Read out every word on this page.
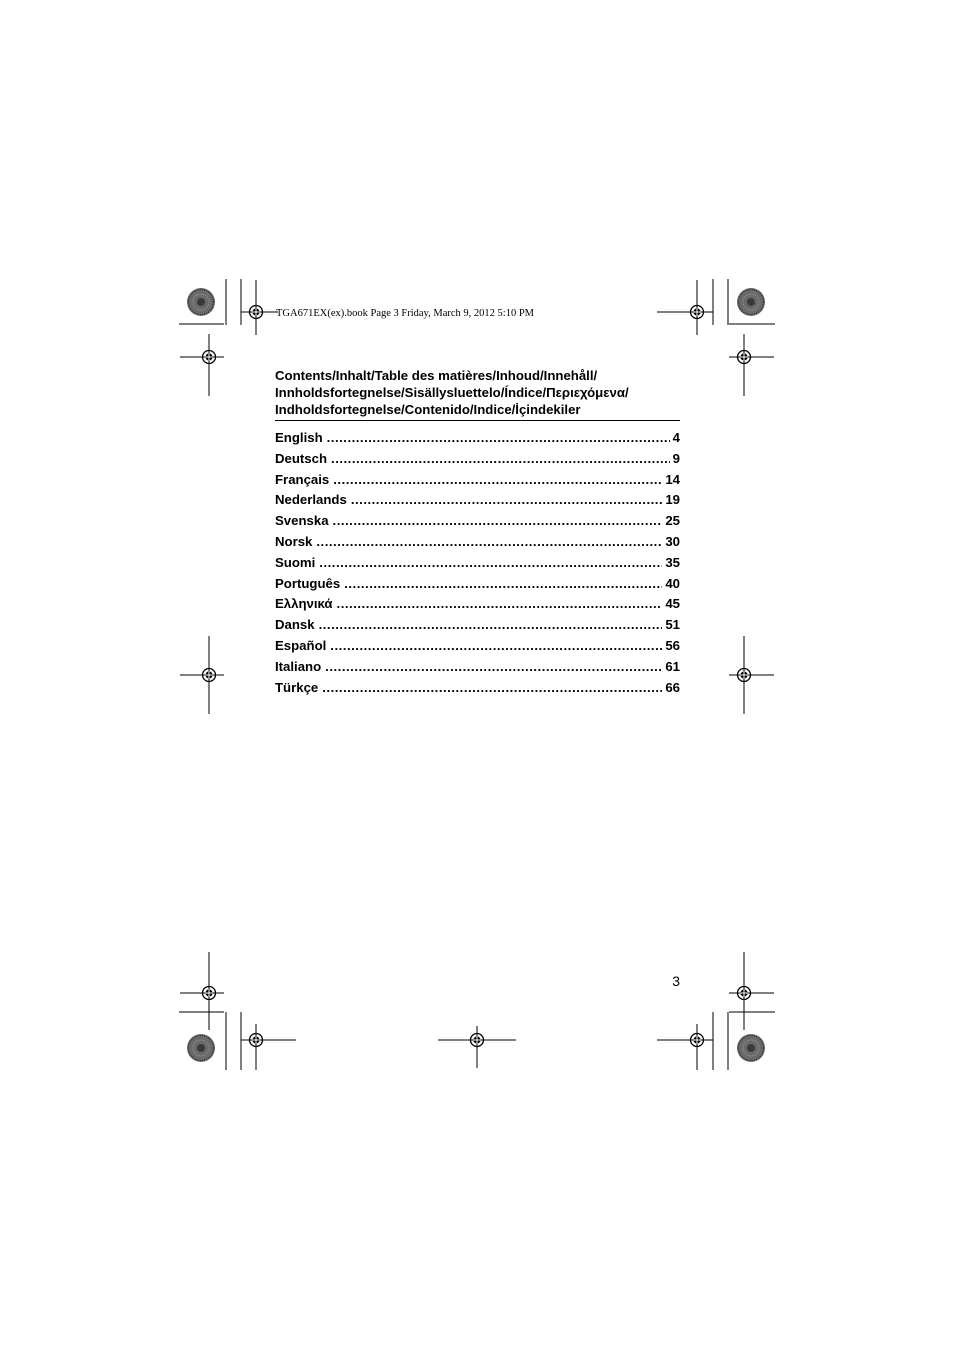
TGA671EX(ex).book Page 3 Friday, March 9, 2012 5:10 PM
Contents/Inhalt/Table des matières/Inhoud/Innehåll/
Innholdsfortegnelse/Sisällysluettelo/Índice/Περιεχόμενα/
Indholdsfortegnelse/Contenido/Indice/İçindekiler
English .....	4
Deutsch .....	9
Français .....	14
Nederlands .....	19
Svenska .....	25
Norsk .....	30
Suomi .....	35
Português .....	40
Ελληνικά .....	45
Dansk .....	51
Español .....	56
Italiano .....	61
Türkçe .....	66
3
